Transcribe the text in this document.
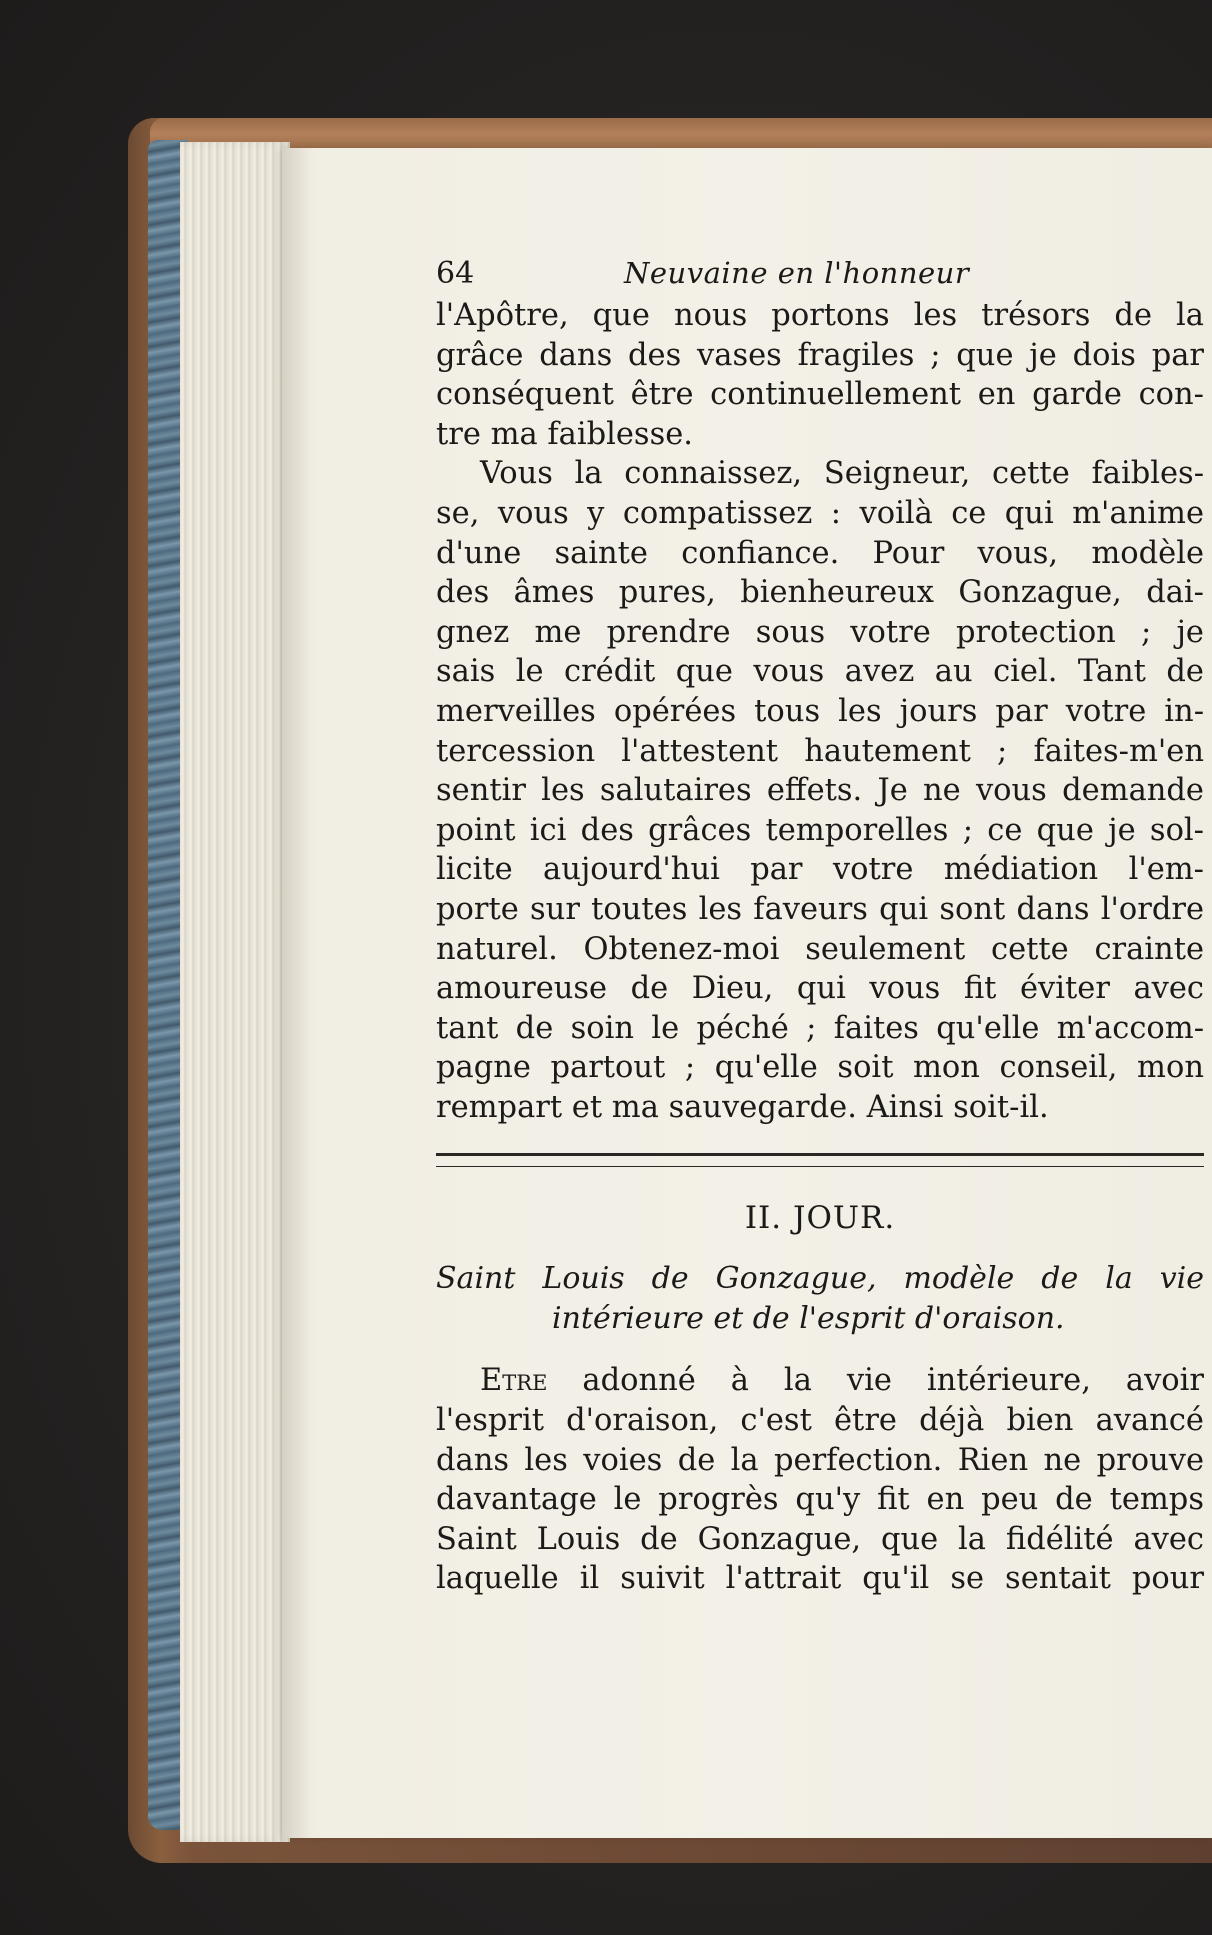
64	Neuvaine en l'honneur
l'Apôtre, que nous portons les trésors de la
grâce dans des vases fragiles ; que je dois par
conséquent être continuellement en garde con-
tre ma faiblesse.
Vous la connaissez, Seigneur, cette faibles-
se, vous y compatissez : voilà ce qui m'anime
d'une sainte confiance. Pour vous, modèle
des âmes pures, bienheureux Gonzague, dai-
gnez me prendre sous votre protection ; je
sais le crédit que vous avez au ciel. Tant de
merveilles opérées tous les jours par votre in-
tercession l'attestent hautement ; faites-m'en
sentir les salutaires effets. Je ne vous demande
point ici des grâces temporelles ; ce que je sol-
licite aujourd'hui par votre médiation l'em-
porte sur toutes les faveurs qui sont dans l'ordre
naturel. Obtenez-moi seulement cette crainte
amoureuse de Dieu, qui vous fit éviter avec
tant de soin le péché ; faites qu'elle m'accom-
pagne partout ; qu'elle soit mon conseil, mon
rempart et ma sauvegarde. Ainsi soit-il.
II. JOUR.
Saint Louis de Gonzague, modèle de la vie
intérieure et de l'esprit d'oraison.
Etre adonné à la vie intérieure, avoir
l'esprit d'oraison, c'est être déjà bien avancé
dans les voies de la perfection. Rien ne prouve
davantage le progrès qu'y fit en peu de temps
Saint Louis de Gonzague, que la fidélité avec
laquelle il suivit l'attrait qu'il se sentait pour
